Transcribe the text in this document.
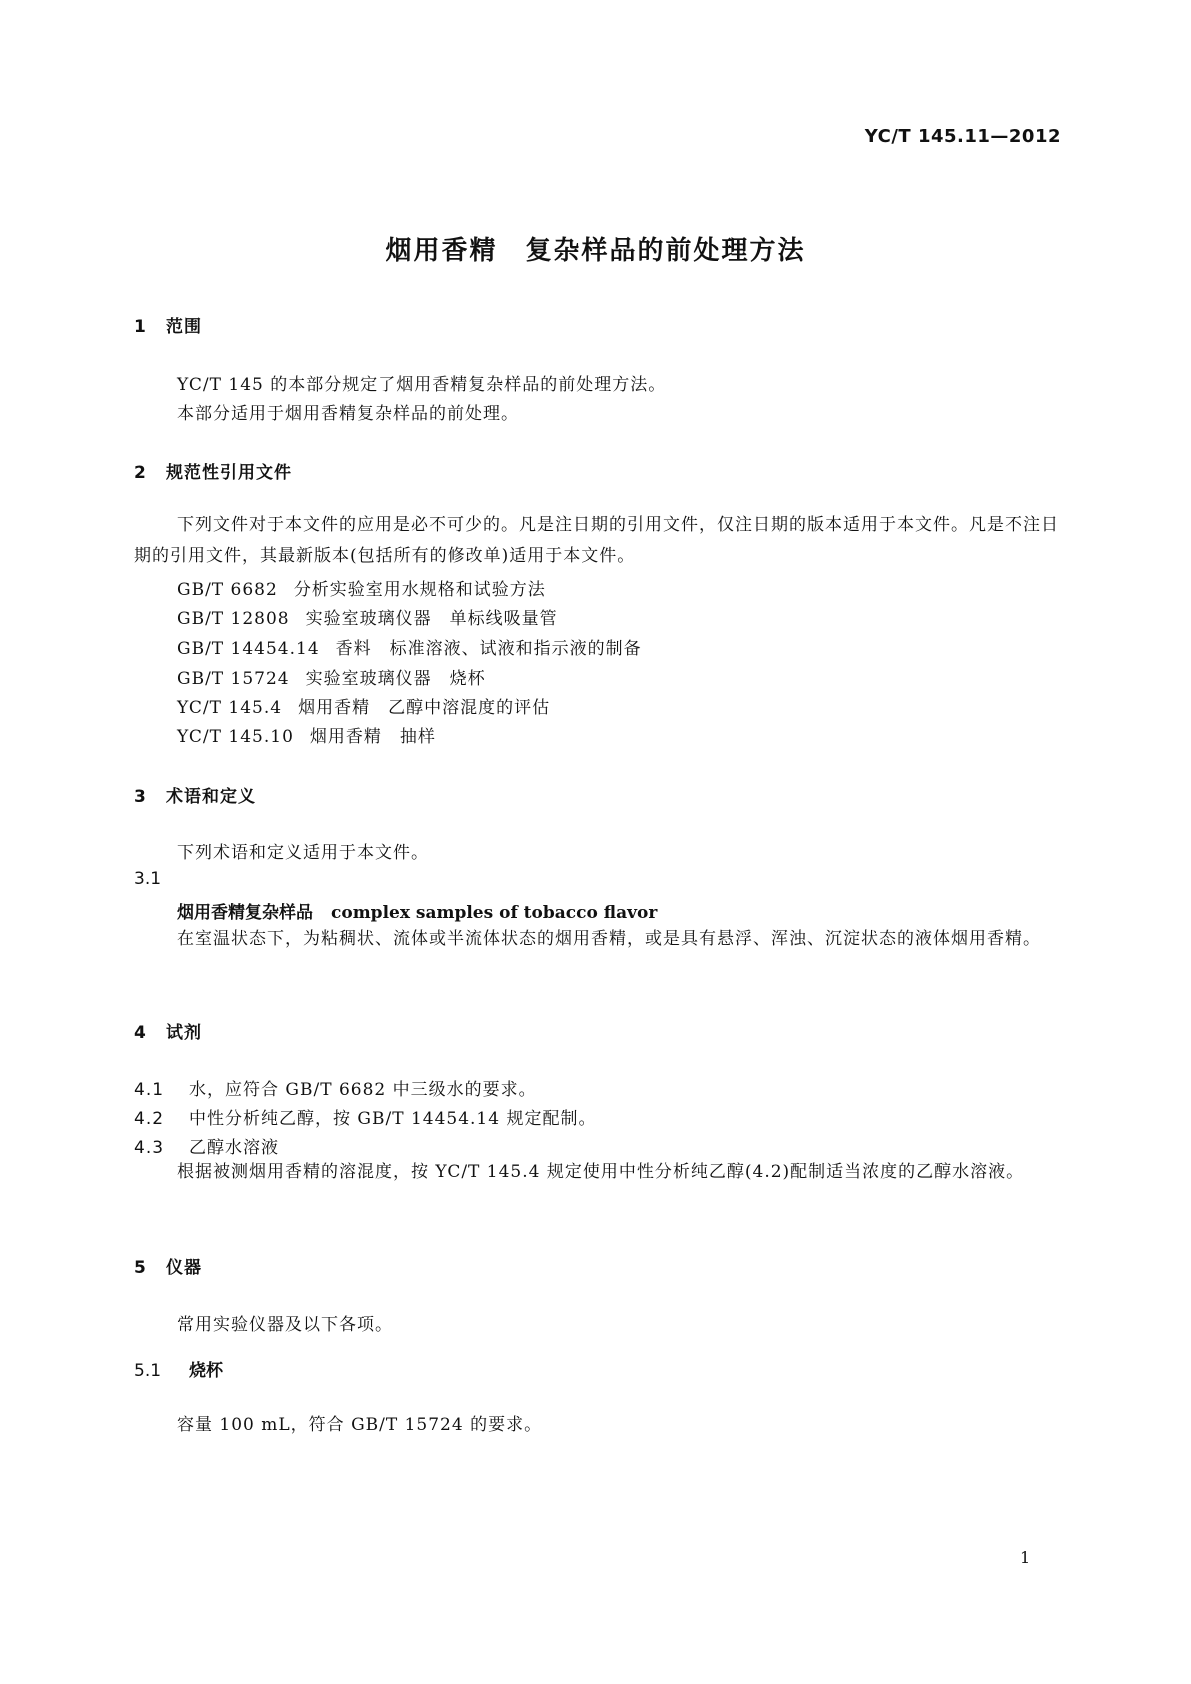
YC/T 145.11—2012
烟用香精　复杂样品的前处理方法
1 范围
YC/T 145 的本部分规定了烟用香精复杂样品的前处理方法。
本部分适用于烟用香精复杂样品的前处理。
2 规范性引用文件
下列文件对于本文件的应用是必不可少的。凡是注日期的引用文件，仅注日期的版本适用于本文件。凡是不注日期的引用文件，其最新版本(包括所有的修改单)适用于本文件。
GB/T 6682 分析实验室用水规格和试验方法
GB/T 12808 实验室玻璃仪器　单标线吸量管
GB/T 14454.14 香料　标准溶液、试液和指示液的制备
GB/T 15724 实验室玻璃仪器　烧杯
YC/T 145.4 烟用香精　乙醇中溶混度的评估
YC/T 145.10 烟用香精　抽样
3 术语和定义
下列术语和定义适用于本文件。
3.1
烟用香精复杂样品 complex samples of tobacco flavor
在室温状态下，为粘稠状、流体或半流体状态的烟用香精，或是具有悬浮、浑浊、沉淀状态的液体烟用香精。
4 试剂
4.1 水，应符合 GB/T 6682 中三级水的要求。
4.2 中性分析纯乙醇，按 GB/T 14454.14 规定配制。
4.3 乙醇水溶液
根据被测烟用香精的溶混度，按 YC/T 145.4 规定使用中性分析纯乙醇(4.2)配制适当浓度的乙醇水溶液。
5 仪器
常用实验仪器及以下各项。
5.1 烧杯
容量 100 mL，符合 GB/T 15724 的要求。
1
